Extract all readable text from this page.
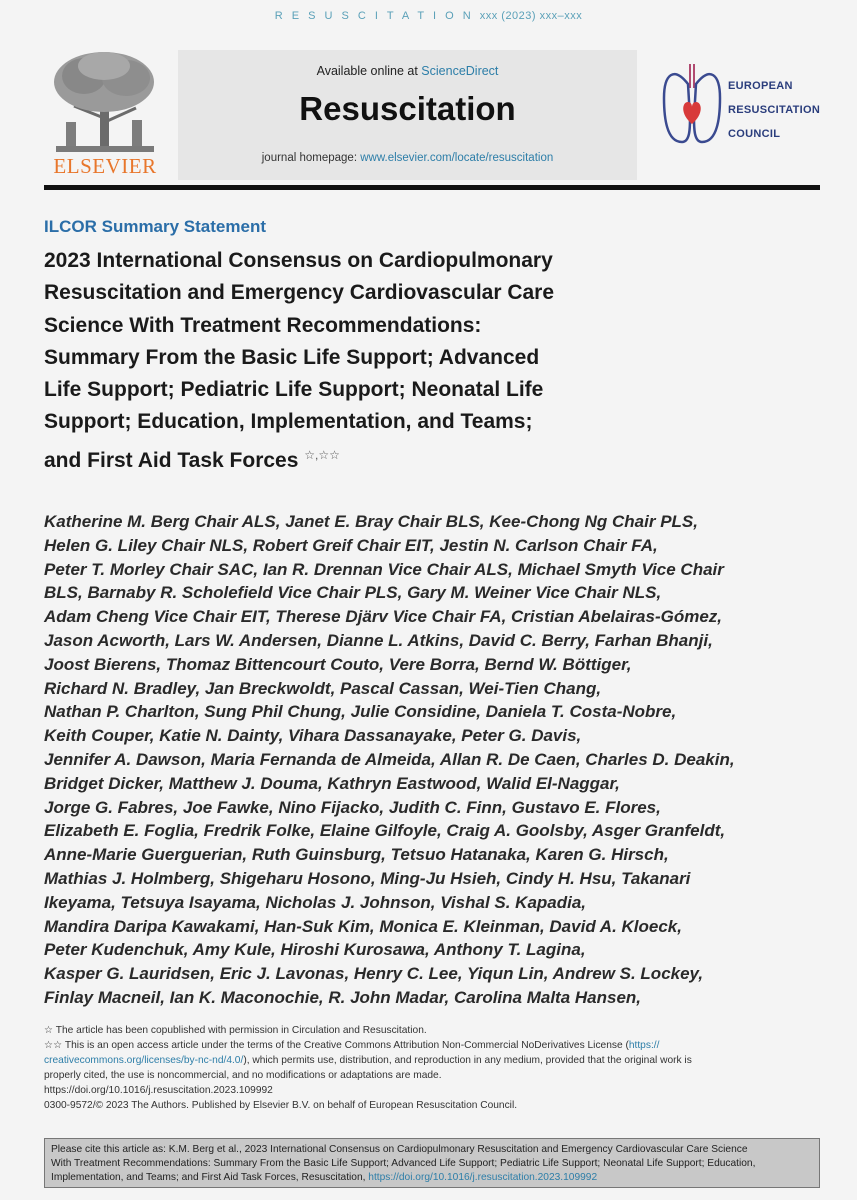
R E S U S C I T A T I O N xxx (2023) xxx–xxx
ELSEVIER
Available online at ScienceDirect
Resuscitation
journal homepage: www.elsevier.com/locate/resuscitation
EUROPEAN
RESUSCITATION
COUNCIL
ILCOR Summary Statement
2023 International Consensus on Cardiopulmonary
Resuscitation and Emergency Cardiovascular Care
Science With Treatment Recommendations:
Summary From the Basic Life Support; Advanced
Life Support; Pediatric Life Support; Neonatal Life
Support; Education, Implementation, and Teams;
and First Aid Task Forces ☆,☆☆
Katherine M. Berg Chair ALS, Janet E. Bray Chair BLS, Kee-Chong Ng Chair PLS,
Helen G. Liley Chair NLS, Robert Greif Chair EIT, Jestin N. Carlson Chair FA,
Peter T. Morley Chair SAC, Ian R. Drennan Vice Chair ALS, Michael Smyth Vice Chair
BLS, Barnaby R. Scholefield Vice Chair PLS, Gary M. Weiner Vice Chair NLS,
Adam Cheng Vice Chair EIT, Therese Djärv Vice Chair FA, Cristian Abelairas-Gómez,
Jason Acworth, Lars W. Andersen, Dianne L. Atkins, David C. Berry, Farhan Bhanji,
Joost Bierens, Thomaz Bittencourt Couto, Vere Borra, Bernd W. Böttiger,
Richard N. Bradley, Jan Breckwoldt, Pascal Cassan, Wei-Tien Chang,
Nathan P. Charlton, Sung Phil Chung, Julie Considine, Daniela T. Costa-Nobre,
Keith Couper, Katie N. Dainty, Vihara Dassanayake, Peter G. Davis,
Jennifer A. Dawson, Maria Fernanda de Almeida, Allan R. De Caen, Charles D. Deakin,
Bridget Dicker, Matthew J. Douma, Kathryn Eastwood, Walid El-Naggar,
Jorge G. Fabres, Joe Fawke, Nino Fijacko, Judith C. Finn, Gustavo E. Flores,
Elizabeth E. Foglia, Fredrik Folke, Elaine Gilfoyle, Craig A. Goolsby, Asger Granfeldt,
Anne-Marie Guerguerian, Ruth Guinsburg, Tetsuo Hatanaka, Karen G. Hirsch,
Mathias J. Holmberg, Shigeharu Hosono, Ming-Ju Hsieh, Cindy H. Hsu, Takanari
Ikeyama, Tetsuya Isayama, Nicholas J. Johnson, Vishal S. Kapadia,
Mandira Daripa Kawakami, Han-Suk Kim, Monica E. Kleinman, David A. Kloeck,
Peter Kudenchuk, Amy Kule, Hiroshi Kurosawa, Anthony T. Lagina,
Kasper G. Lauridsen, Eric J. Lavonas, Henry C. Lee, Yiqun Lin, Andrew S. Lockey,
Finlay Macneil, Ian K. Maconochie, R. John Madar, Carolina Malta Hansen,
☆ The article has been copublished with permission in Circulation and Resuscitation.
☆☆ This is an open access article under the terms of the Creative Commons Attribution Non-Commercial NoDerivatives License (https://
creativecommons.org/licenses/by-nc-nd/4.0/), which permits use, distribution, and reproduction in any medium, provided that the original work is
properly cited, the use is noncommercial, and no modifications or adaptations are made.
https://doi.org/10.1016/j.resuscitation.2023.109992
0300-9572/© 2023 The Authors. Published by Elsevier B.V. on behalf of European Resuscitation Council.
Please cite this article as: K.M. Berg et al., 2023 International Consensus on Cardiopulmonary Resuscitation and Emergency Cardiovascular Care Science
With Treatment Recommendations: Summary From the Basic Life Support; Advanced Life Support; Pediatric Life Support; Neonatal Life Support; Education,
Implementation, and Teams; and First Aid Task Forces, Resuscitation, https://doi.org/10.1016/j.resuscitation.2023.109992
